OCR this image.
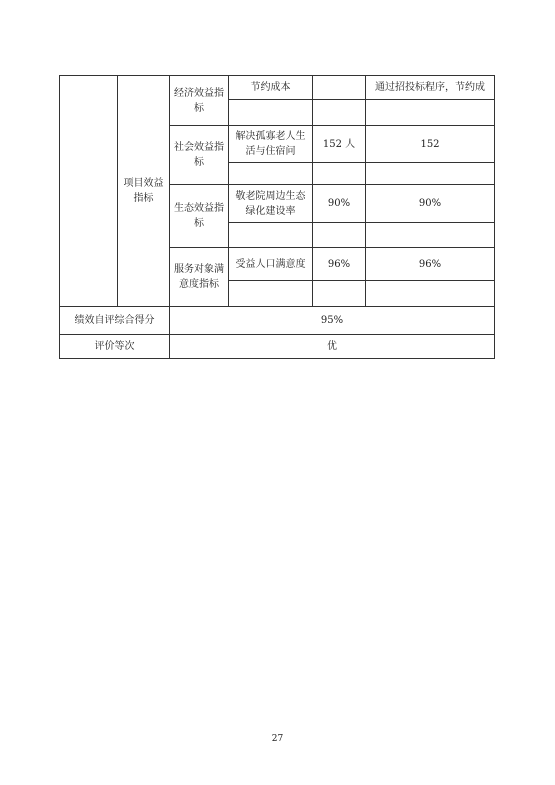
	项目效益指标	经济效益指标	节约成本		通过招投标程序，节约成

		社会效益指标	解决孤寡老人生活与住宿问	152 人	152

		生态效益指标	敬老院周边生态绿化建设率	90%	90%

		服务对象满意度指标	受益人口满意度	96%	96%

绩效自评综合得分		95%			
评价等次		优			
27
